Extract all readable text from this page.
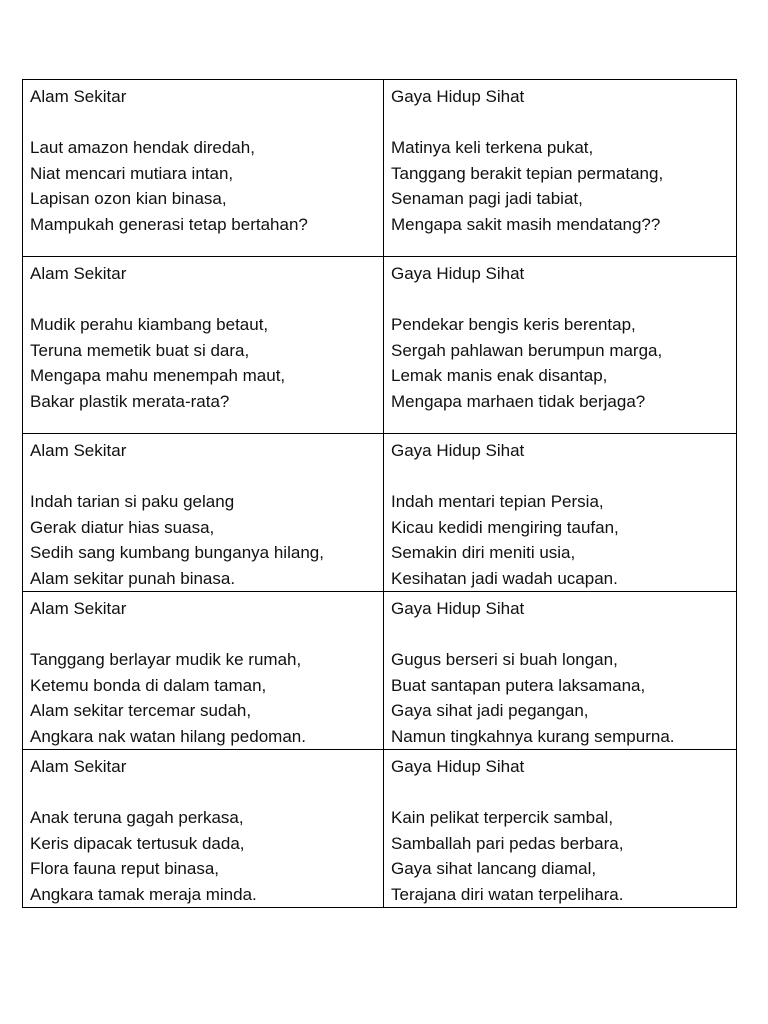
Alam Sekitar
Laut amazon hendak diredah,
Niat mencari mutiara intan,
Lapisan ozon kian binasa,
Mampukah generasi tetap bertahan?	Gaya Hidup Sihat
Matinya keli terkena pukat,
Tanggang berakit tepian permatang,
Senaman pagi jadi tabiat,
Mengapa sakit masih mendatang??

Alam Sekitar
Mudik perahu kiambang betaut,
Teruna memetik buat si dara,
Mengapa mahu menempah maut,
Bakar plastik merata-rata?	Gaya Hidup Sihat
Pendekar bengis keris berentap,
Sergah pahlawan berumpun marga,
Lemak manis enak disantap,
Mengapa marhaen tidak berjaga?

Alam Sekitar
Indah tarian si paku gelang
Gerak diatur hias suasa,
Sedih sang kumbang bunganya hilang,
Alam sekitar punah binasa.	Gaya Hidup Sihat
Indah mentari tepian Persia,
Kicau kedidi mengiring taufan,
Semakin diri meniti usia,
Kesihatan jadi wadah ucapan.

Alam Sekitar
Tanggang berlayar mudik ke rumah,
Ketemu bonda di dalam taman,
Alam sekitar tercemar sudah,
Angkara nak watan hilang pedoman.	Gaya Hidup Sihat
Gugus berseri si buah longan,
Buat santapan putera laksamana,
Gaya sihat jadi pegangan,
Namun tingkahnya kurang sempurna.

Alam Sekitar
Anak teruna gagah perkasa,
Keris dipacak tertusuk dada,
Flora fauna reput binasa,
Angkara tamak meraja minda.	Gaya Hidup Sihat
Kain pelikat terpercik sambal,
Samballah pari pedas berbara,
Gaya sihat lancang diamal,
Terajana diri watan terpelihara.
